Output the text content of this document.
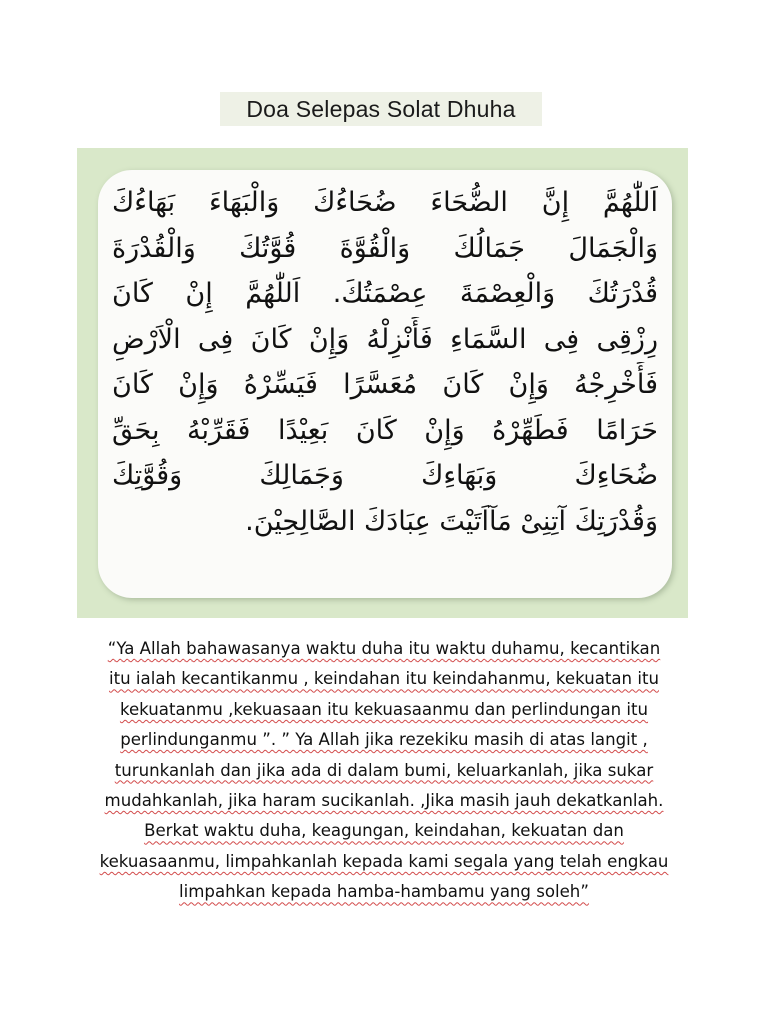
Doa Selepas Solat Dhuha
اَللّٰهُمَّ إِنَّ الضُّحَاءَ ضُحَاءُكَ وَالْبَهَاءَ بَهَاءُكَ
وَالْجَمَالَ جَمَالُكَ وَالْقُوَّةَ قُوَّتُكَ وَالْقُدْرَةَ
قُدْرَتُكَ وَالْعِصْمَةَ عِصْمَتُكَ. اَللّٰهُمَّ إِنْ كَانَ
رِزْقِى فِى السَّمَاءِ فَأَنْزِلْهُ وَإِنْ كَانَ فِى الْاَرْضِ
فَأَخْرِجْهُ وَإِنْ كَانَ مُعَسَّرًا فَيَسِّرْهُ وَإِنْ كَانَ
حَرَامًا فَطَهِّرْهُ وَإِنْ كَانَ بَعِيْدًا فَقَرِّبْهُ بِحَقِّ
ضُحَاءِكَ وَبَهَاءِكَ وَجَمَالِكَ وَقُوَّتِكَ
وَقُدْرَتِكَ آتِنِىْ مَآاَتَيْتَ عِبَادَكَ الصَّالِحِيْنَ.
“Ya Allah bahawasanya waktu duha itu waktu duhamu, kecantikan
itu ialah kecantikanmu , keindahan itu keindahanmu, kekuatan itu
kekuatanmu ,kekuasaan itu kekuasaanmu dan perlindungan itu
perlindunganmu ”. ” Ya Allah jika rezekiku masih di atas langit ,
turunkanlah dan jika ada di dalam bumi, keluarkanlah, jika sukar
mudahkanlah, jika haram sucikanlah. ,Jika masih jauh dekatkanlah.
Berkat waktu duha, keagungan, keindahan, kekuatan dan
kekuasaanmu, limpahkanlah kepada kami segala yang telah engkau
limpahkan kepada hamba-hambamu yang soleh”
